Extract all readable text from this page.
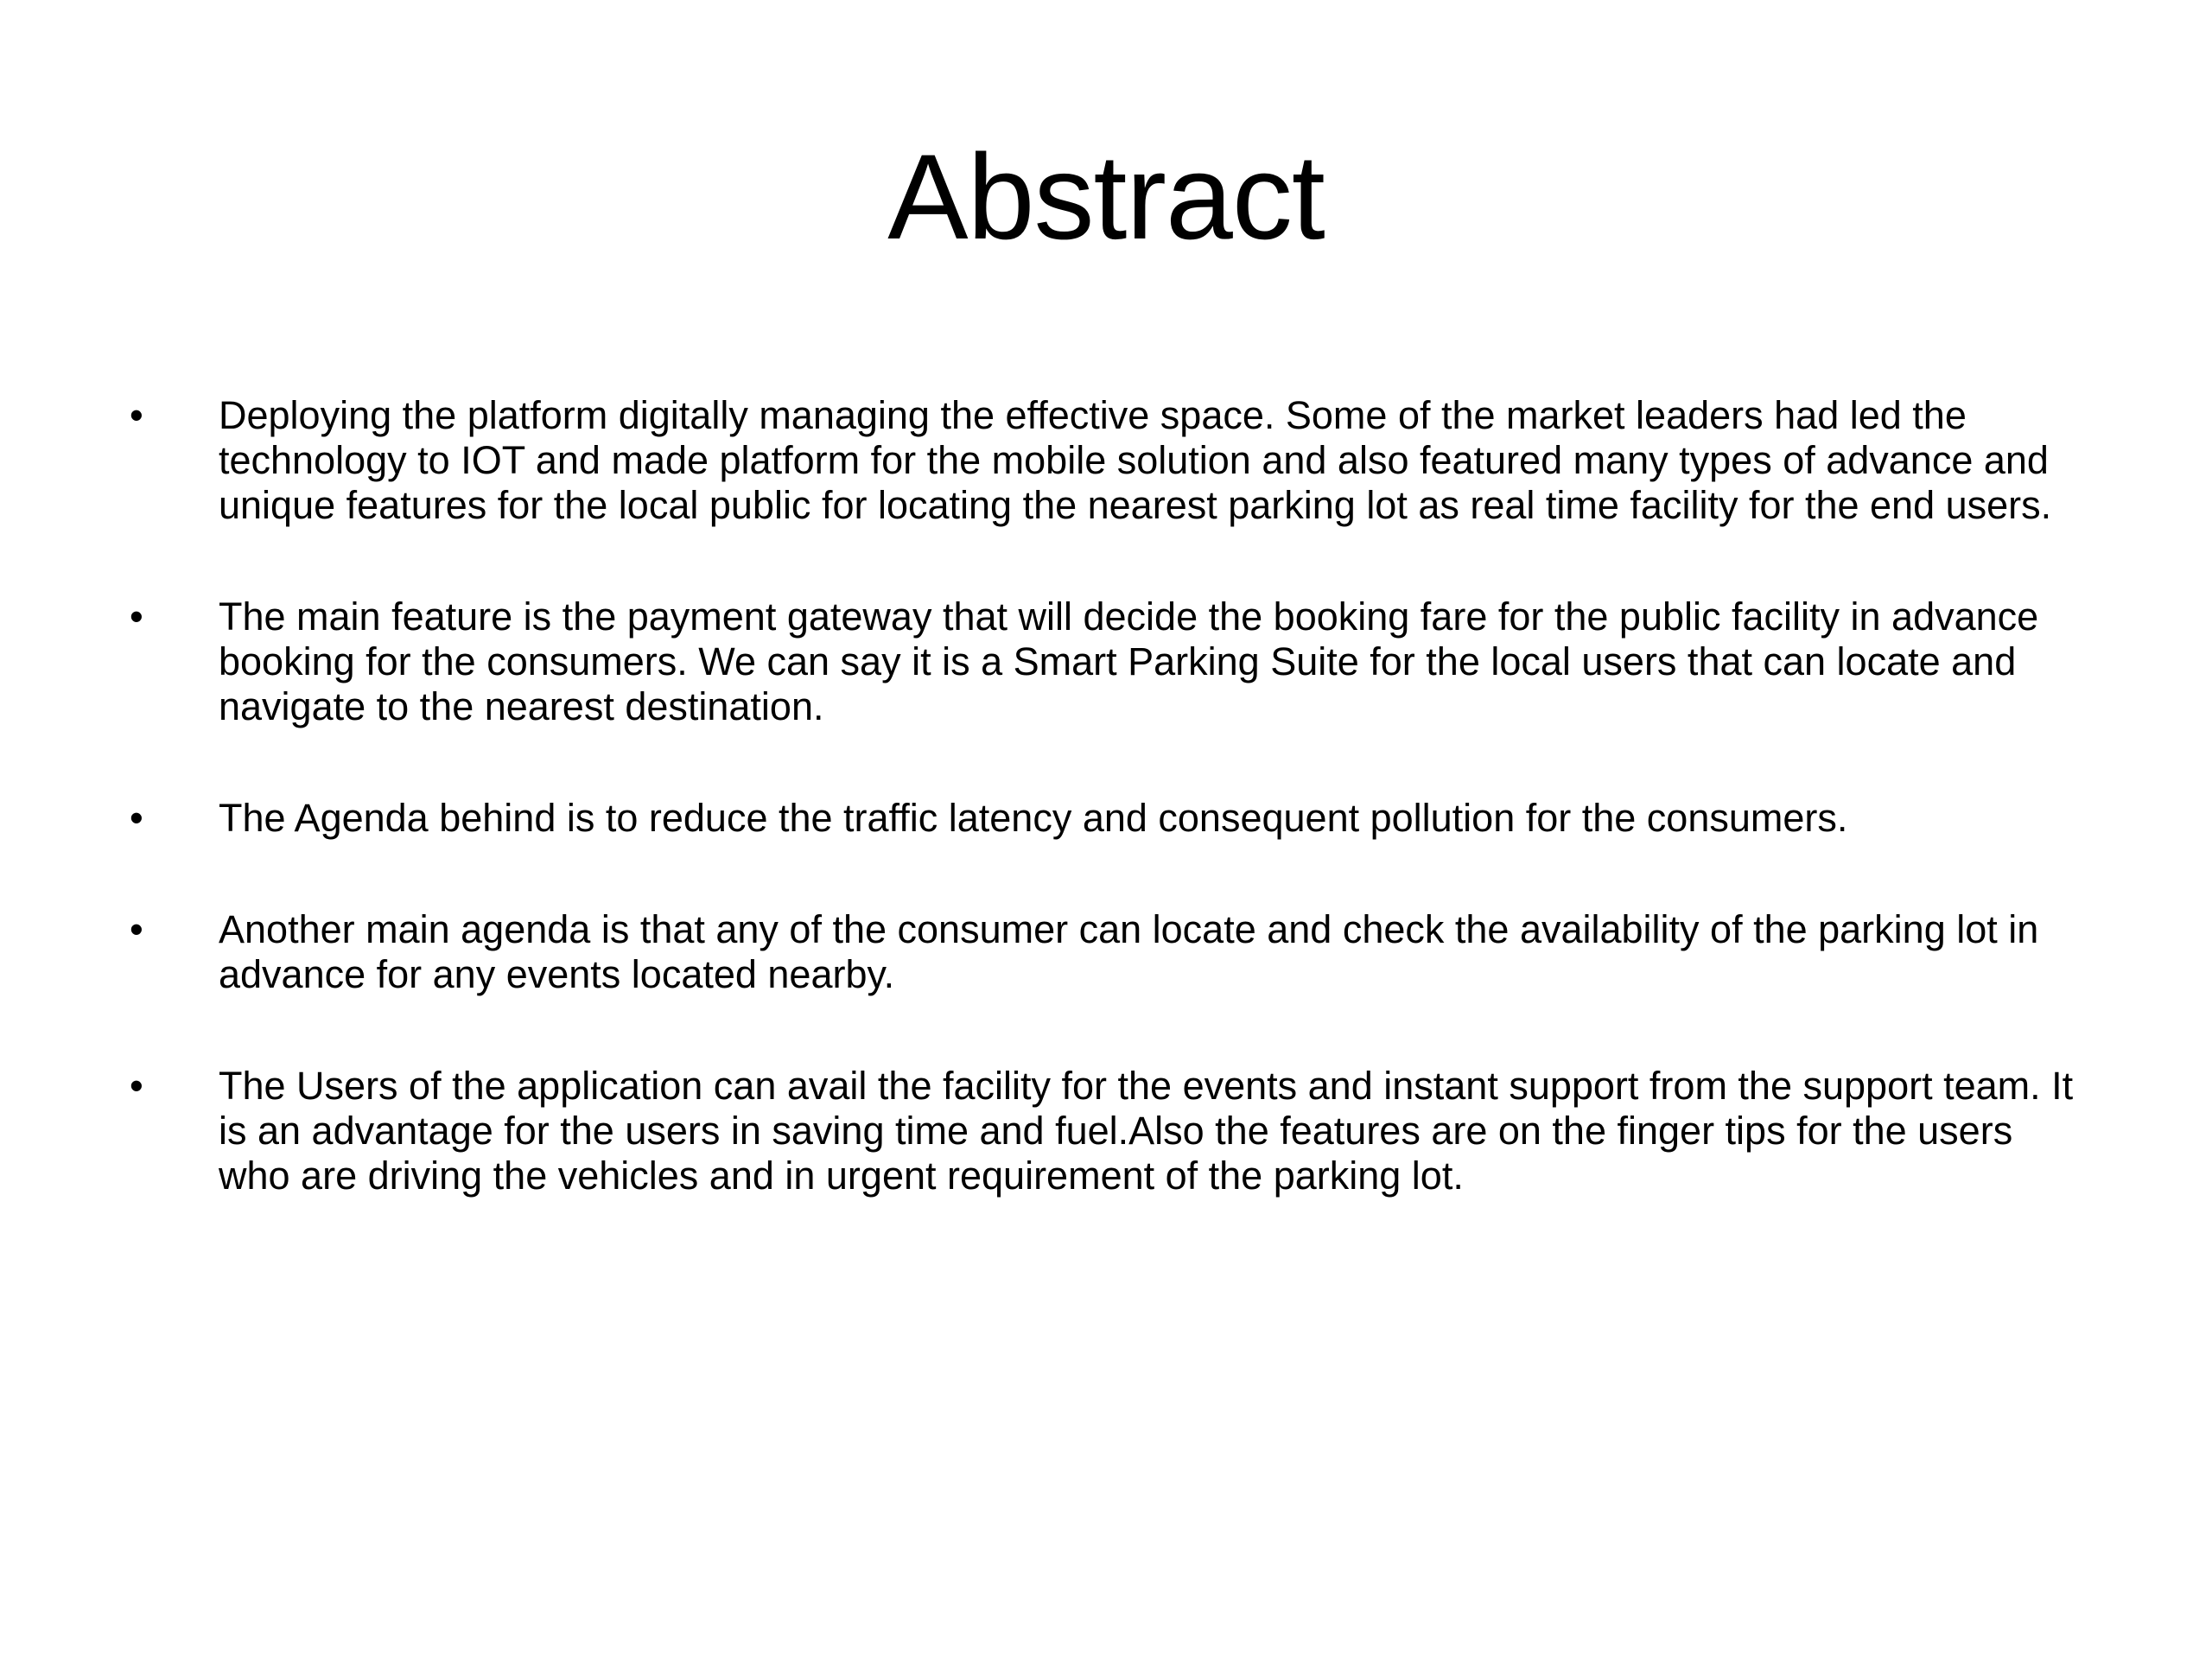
Abstract
•	Deploying the platform digitally managing the effective space. Some of the market leaders had led the technology to IOT and made platform for the mobile solution and also featured many types of advance and unique features for the local public for locating the nearest parking lot as real time facility for the end users.
•	The main feature is the payment gateway that will decide the booking fare for the public facility in advance booking for the consumers. We can say it is a Smart Parking Suite for the local users that can locate and navigate to the nearest destination.
•	The Agenda behind is to reduce the traffic latency and consequent pollution for the consumers.
•	Another main agenda is that any of the consumer can locate and check the availability of the parking lot in advance for any events located nearby.
•	The Users of the application can avail the facility for the events and instant support from the support team. It is an advantage for the users in saving time and fuel.Also the features are on the finger tips for the users who are driving the vehicles and in urgent requirement of the parking lot.
